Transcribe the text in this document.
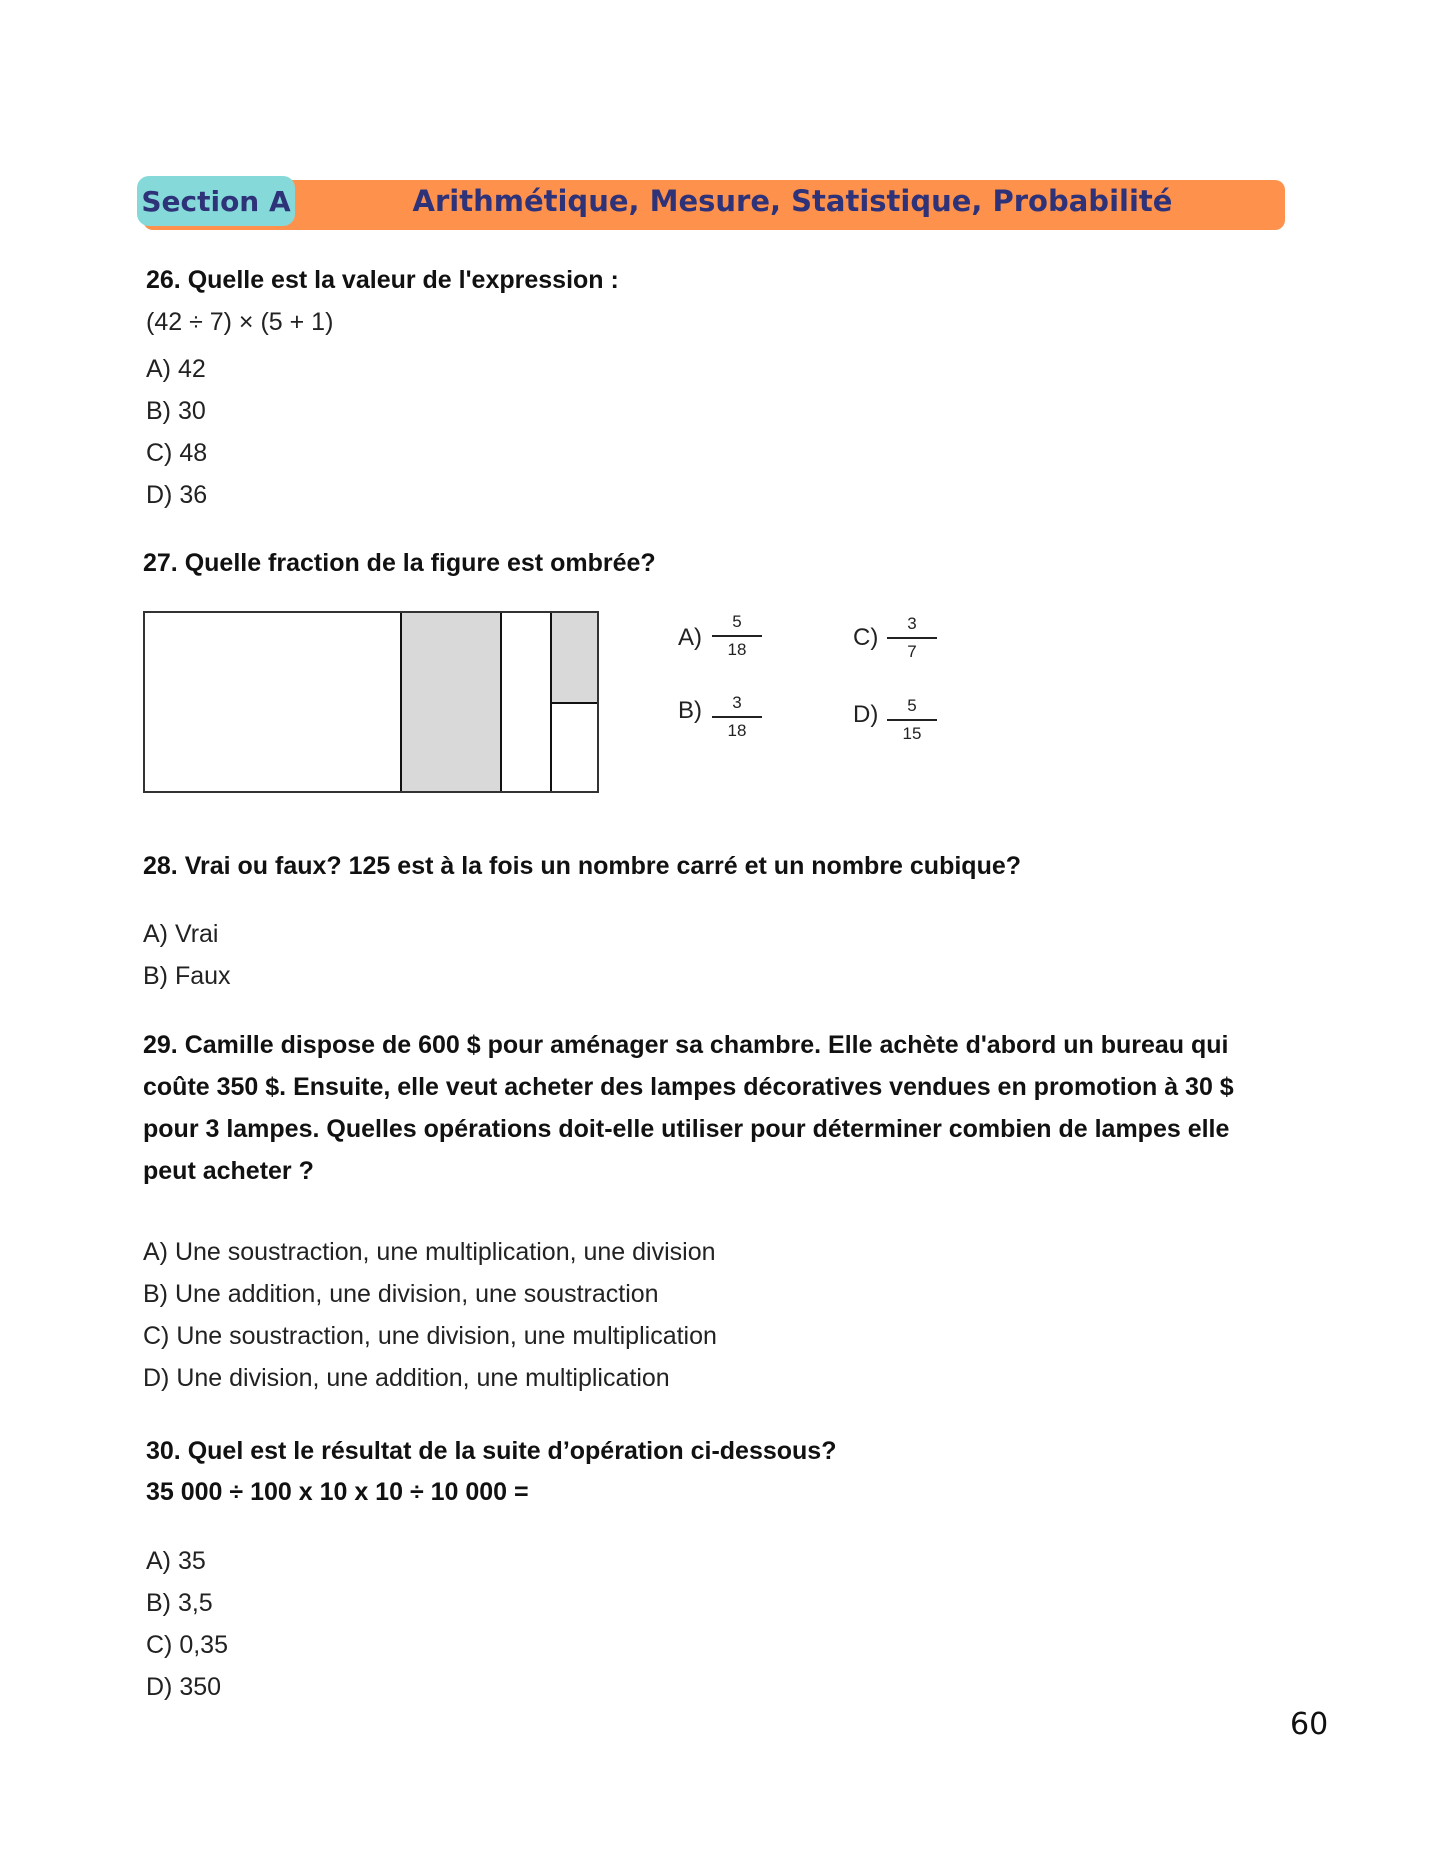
Section A	Arithmétique, Mesure, Statistique, Probabilité
26. Quelle est la valeur de l'expression :
(42 ÷ 7) × (5 + 1)
A) 42
B) 30
C) 48
D) 36
27. Quelle fraction de la figure est ombrée?
A)
5
18
B) 3
18
C)
3
7
D) 5
15
28. Vrai ou faux? 125 est à la fois un nombre carré et un nombre cubique?
A) Vrai
B) Faux
29. Camille dispose de 600 $ pour aménager sa chambre. Elle achète d'abord un bureau qui
coûte 350 $. Ensuite, elle veut acheter des lampes décoratives vendues en promotion à 30 $
pour 3 lampes. Quelles opérations doit-elle utiliser pour déterminer combien de lampes elle
peut acheter ?
A) Une soustraction, une multiplication, une division
B) Une addition, une division, une soustraction
C) Une soustraction, une division, une multiplication
D) Une division, une addition, une multiplication
30. Quel est le résultat de la suite d’opération ci-dessous?
35 000 ÷ 100 x 10 x 10 ÷ 10 000 =
A) 35
B) 3,5
C) 0,35
D) 350
60
